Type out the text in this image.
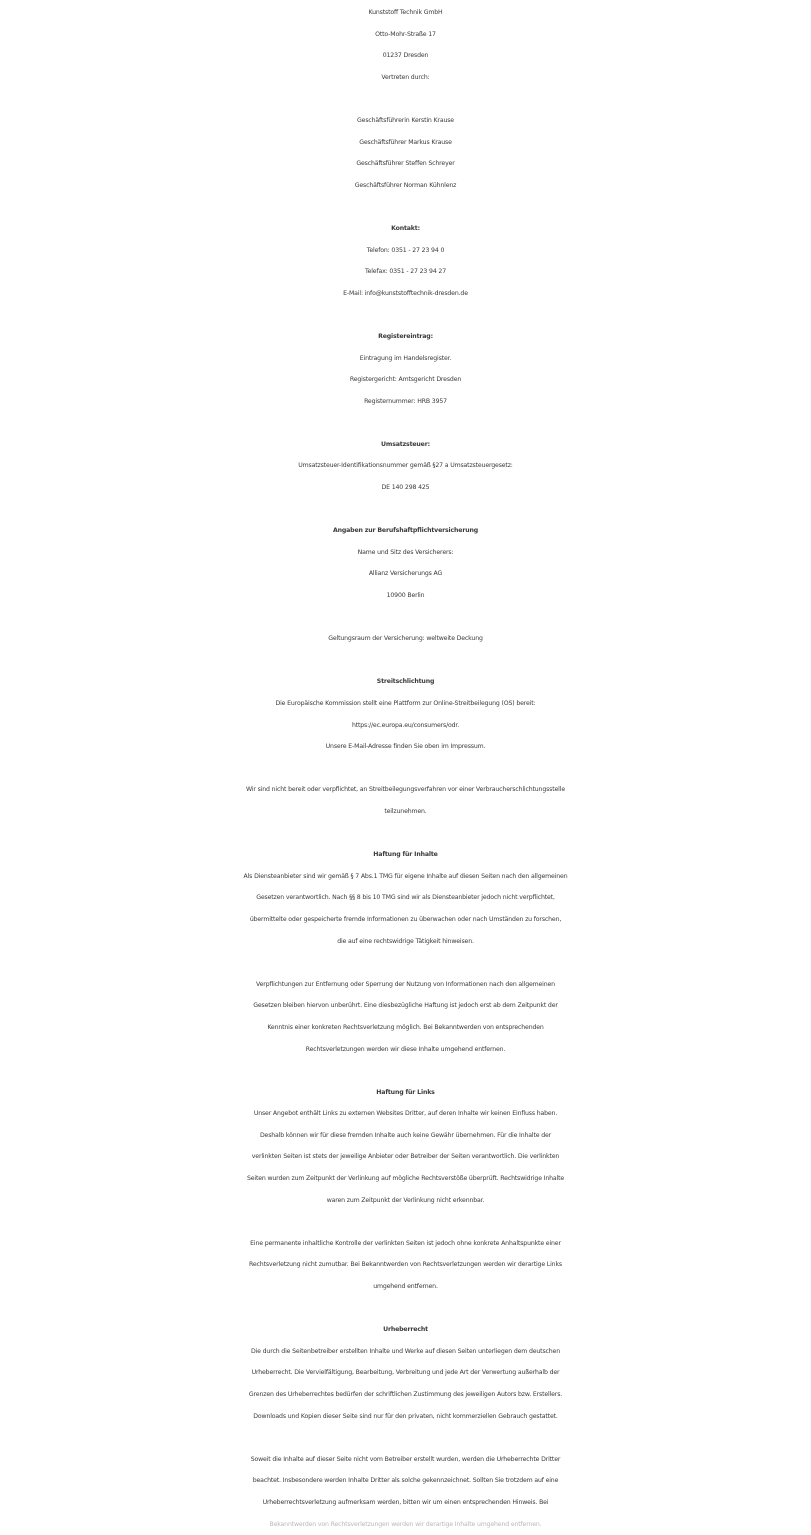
Kunststoff Technik GmbH
Otto-Mohr-Straße 17
01237 Dresden
Vertreten durch:
Geschäftsführerin Kerstin Krause
Geschäftsführer Markus Krause
Geschäftsführer Steffen Schreyer
Geschäftsführer Norman Kühnlenz
Kontakt:
Telefon: 0351 - 27 23 94 0
Telefax: 0351 - 27 23 94 27
E-Mail: info@kunststofftechnik-dresden.de
Registereintrag:
Eintragung im Handelsregister.
Registergericht: Amtsgericht Dresden
Registernummer: HRB 3957
Umsatzsteuer:
Umsatzsteuer-Identifikationsnummer gemäß §27 a Umsatzsteuergesetz:
DE 140 298 425
Angaben zur Berufshaftpflichtversicherung
Name und Sitz des Versicherers:
Allianz Versicherungs AG
10900 Berlin
Geltungsraum der Versicherung: weltweite Deckung
Streitschlichtung
Die Europäische Kommission stellt eine Plattform zur Online-Streitbeilegung (OS) bereit:
https://ec.europa.eu/consumers/odr.
Unsere E-Mail-Adresse finden Sie oben im Impressum.
Wir sind nicht bereit oder verpflichtet, an Streitbeilegungsverfahren vor einer Verbraucherschlichtungsstelle
teilzunehmen.
Haftung für Inhalte
Als Diensteanbieter sind wir gemäß § 7 Abs.1 TMG für eigene Inhalte auf diesen Seiten nach den allgemeinen
Gesetzen verantwortlich. Nach §§ 8 bis 10 TMG sind wir als Diensteanbieter jedoch nicht verpflichtet,
übermittelte oder gespeicherte fremde Informationen zu überwachen oder nach Umständen zu forschen,
die auf eine rechtswidrige Tätigkeit hinweisen.
Verpflichtungen zur Entfernung oder Sperrung der Nutzung von Informationen nach den allgemeinen
Gesetzen bleiben hiervon unberührt. Eine diesbezügliche Haftung ist jedoch erst ab dem Zeitpunkt der
Kenntnis einer konkreten Rechtsverletzung möglich. Bei Bekanntwerden von entsprechenden
Rechtsverletzungen werden wir diese Inhalte umgehend entfernen.
Haftung für Links
Unser Angebot enthält Links zu externen Websites Dritter, auf deren Inhalte wir keinen Einfluss haben.
Deshalb können wir für diese fremden Inhalte auch keine Gewähr übernehmen. Für die Inhalte der
verlinkten Seiten ist stets der jeweilige Anbieter oder Betreiber der Seiten verantwortlich. Die verlinkten
Seiten wurden zum Zeitpunkt der Verlinkung auf mögliche Rechtsverstöße überprüft. Rechtswidrige Inhalte
waren zum Zeitpunkt der Verlinkung nicht erkennbar.
Eine permanente inhaltliche Kontrolle der verlinkten Seiten ist jedoch ohne konkrete Anhaltspunkte einer
Rechtsverletzung nicht zumutbar. Bei Bekanntwerden von Rechtsverletzungen werden wir derartige Links
umgehend entfernen.
Urheberrecht
Die durch die Seitenbetreiber erstellten Inhalte und Werke auf diesen Seiten unterliegen dem deutschen
Urheberrecht. Die Vervielfältigung, Bearbeitung, Verbreitung und jede Art der Verwertung außerhalb der
Grenzen des Urheberrechtes bedürfen der schriftlichen Zustimmung des jeweiligen Autors bzw. Erstellers.
Downloads und Kopien dieser Seite sind nur für den privaten, nicht kommerziellen Gebrauch gestattet.
Soweit die Inhalte auf dieser Seite nicht vom Betreiber erstellt wurden, werden die Urheberrechte Dritter
beachtet. Insbesondere werden Inhalte Dritter als solche gekennzeichnet. Sollten Sie trotzdem auf eine
Urheberrechtsverletzung aufmerksam werden, bitten wir um einen entsprechenden Hinweis. Bei
Bekanntwerden von Rechtsverletzungen werden wir derartige Inhalte umgehend entfernen.
